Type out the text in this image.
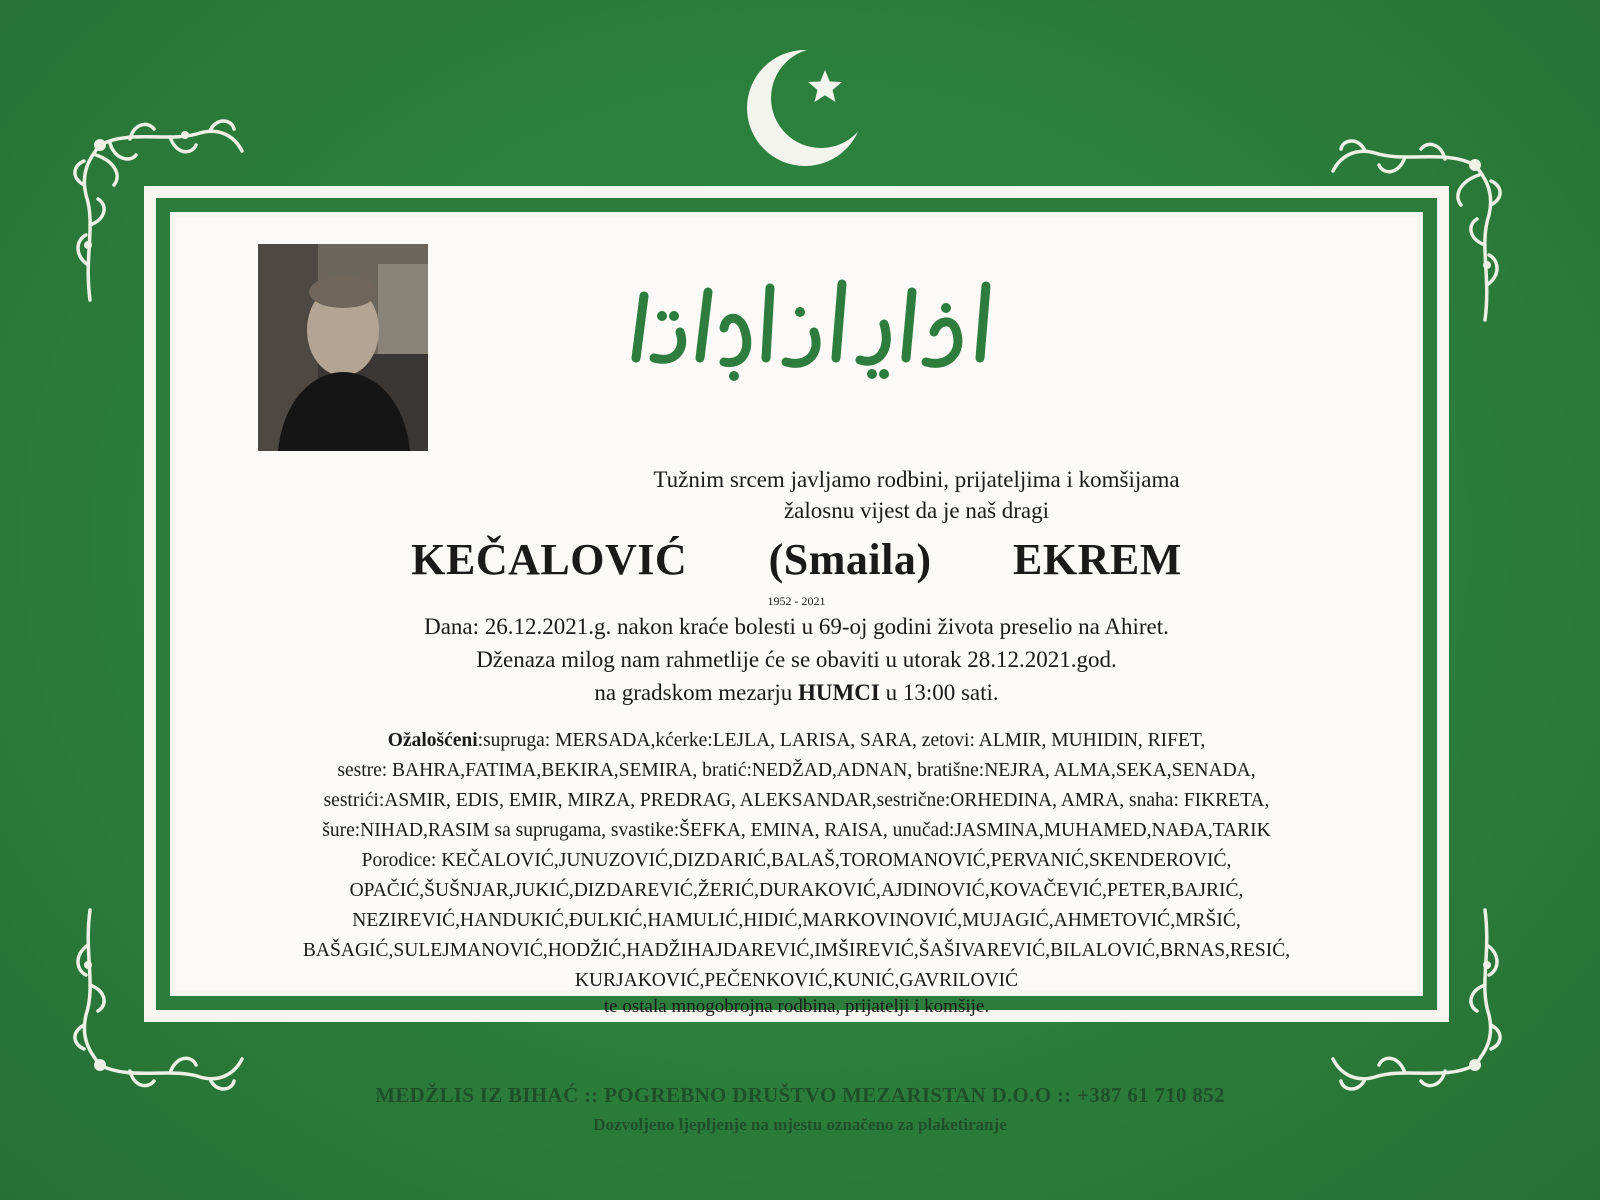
Tužnim srcem javljamo rodbini, prijateljima i komšijama
žalosnu vijest da je naš dragi
KEČALOVIĆ (Smaila) EKREM
1952 - 2021
Dana: 26.12.2021.g. nakon kraće bolesti u 69-oj godini života preselio na Ahiret.
Dženaza milog nam rahmetlije će se obaviti u utorak 28.12.2021.god.
na gradskom mezarju HUMCI u 13:00 sati.
Ožalošćeni:supruga: MERSADA,kćerke:LEJLA, LARISA, SARA, zetovi: ALMIR, MUHIDIN, RIFET,
sestre: BAHRA,FATIMA,BEKIRA,SEMIRA, bratić:NEDŽAD,ADNAN, bratišne:NEJRA, ALMA,SEKA,SENADA,
sestrići:ASMIR, EDIS, EMIR, MIRZA, PREDRAG, ALEKSANDAR,sestrične:ORHEDINA, AMRA, snaha: FIKRETA,
šure:NIHAD,RASIM sa suprugama, svastike:ŠEFKA, EMINA, RAISA, unučad:JASMINA,MUHAMED,NAĐA,TARIK
Porodice: KEČALOVIĆ,JUNUZOVIĆ,DIZDARIĆ,BALAŠ,TOROMANOVIĆ,PERVANIĆ,SKENDEROVIĆ,
OPAČIĆ,ŠUŠNJAR,JUKIĆ,DIZDAREVIĆ,ŽERIĆ,DURAKOVIĆ,AJDINOVIĆ,KOVAČEVIĆ,PETER,BAJRIĆ,
NEZIREVIĆ,HANDUKIĆ,ĐULKIĆ,HAMULIĆ,HIDIĆ,MARKOVINOVIĆ,MUJAGIĆ,AHMETOVIĆ,MRŠIĆ,
BAŠAGIĆ,SULEJMANOVIĆ,HODŽIĆ,HADŽIHAJDAREVIĆ,IMŠIREVIĆ,ŠAŠIVAREVIĆ,BILALOVIĆ,BRNAS,RESIĆ,
KURJAKOVIĆ,PEČENKOVIĆ,KUNIĆ,GAVRILOVIĆ
te ostala mnogobrojna rodbina, prijatelji i komšije.
MEDŽLIS IZ BIHAĆ :: POGREBNO DRUŠTVO MEZARISTAN D.O.O :: +387 61 710 852
Dozvoljeno ljepljenje na mjestu označeno za plaketiranje
